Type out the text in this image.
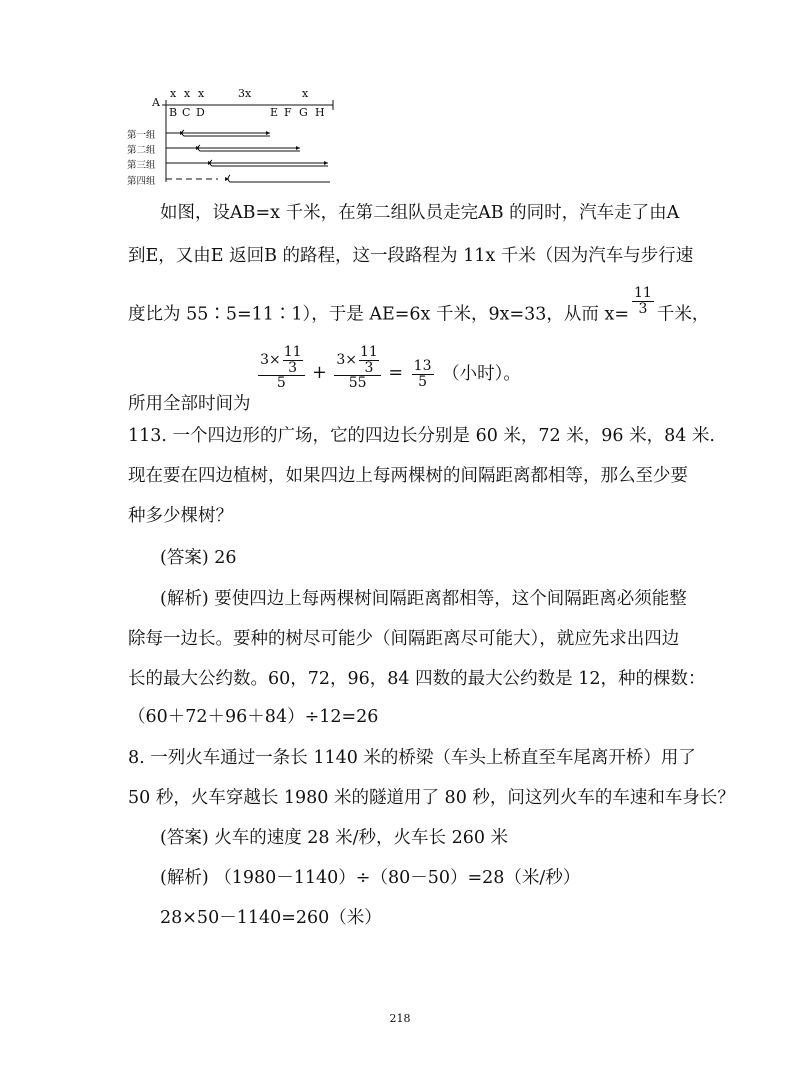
A
x x x	3x	x
B C D	E F G H
第一组
第二组
第三组
第四组
如图，设AB=x 千米，在第二组队员走完AB 的同时，汽车走了由A
到E，又由E 返回B 的路程，这一段路程为 11x 千米（因为汽车与步行速
度比为 55∶5=11∶1），于是 AE=6x 千米，9x=33，从而 $x= \frac{11}{3}$ 千米，
所用全部时间为
$\frac{3\times \frac{11}{3}}{5} + \frac{3\times \frac{11}{3}}{55} = \frac{13}{5}$ （小时）。
113. 一个四边形的广场，它的四边长分别是 60 米，72 米，96 米，84 米.
现在要在四边植树，如果四边上每两棵树的间隔距离都相等，那么至少要
种多少棵树？
(答案) 26
(解析) 要使四边上每两棵树间隔距离都相等，这个间隔距离必须能整
除每一边长。要种的树尽可能少（间隔距离尽可能大），就应先求出四边
长的最大公约数。60，72，96，84 四数的最大公约数是 12，种的棵数：
（60＋72＋96＋84）÷12=26
8. 一列火车通过一条长 1140 米的桥梁（车头上桥直至车尾离开桥）用了
50 秒，火车穿越长 1980 米的隧道用了 80 秒，问这列火车的车速和车身长？
(答案) 火车的速度 28 米/秒，火车长 260 米
(解析) （1980－1140）÷（80－50）=28（米/秒）
28×50－1140=260（米）
218
